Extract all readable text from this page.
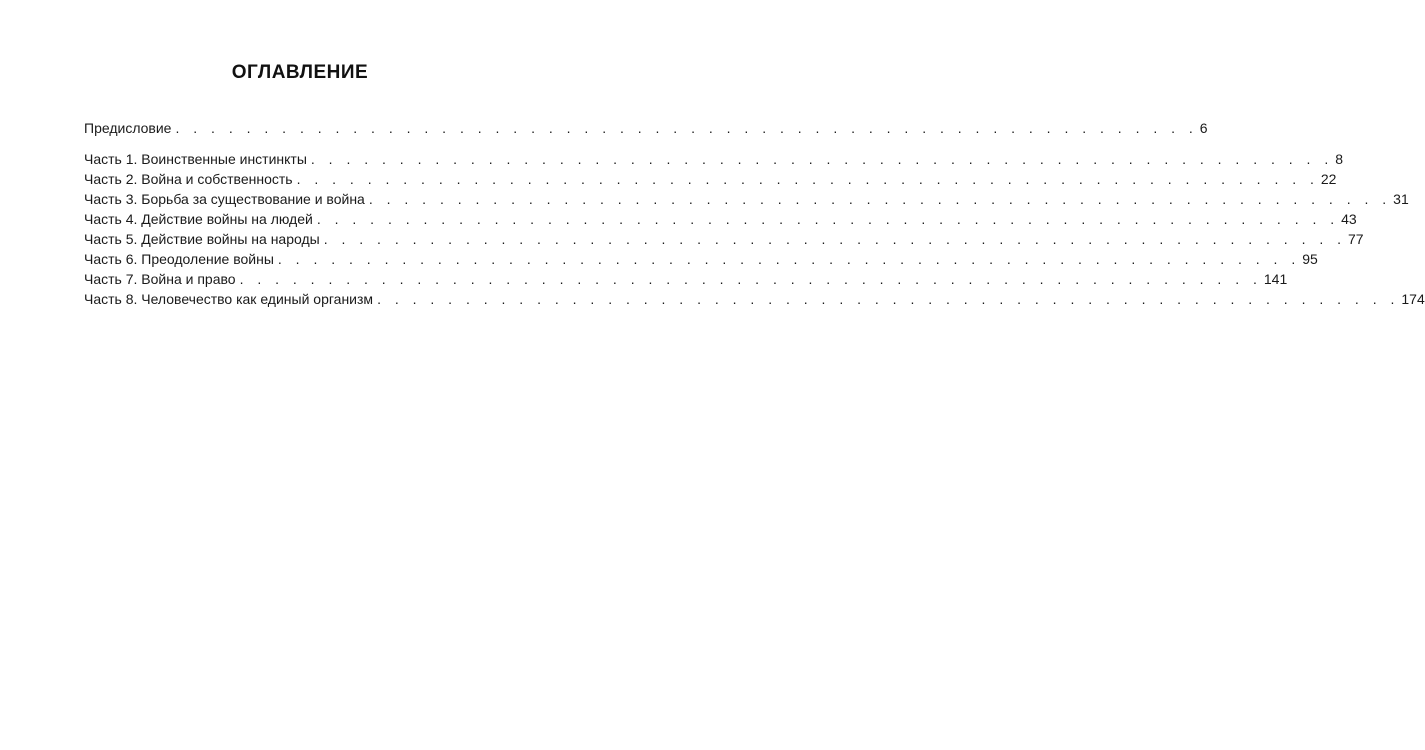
ОГЛАВЛЕНИЕ
Предисловие . . . . . . . . . . . . . . . . . . . . . . . . . . . . . . . . . . . . . . . . . . . . . . . . . . . . . . . . . . 6
Часть 1. Воинственные инстинкты . . . . . . . . . . . . . . . . . . . . . . . . . . . . . . . . . . . . . . . . . . . . . . . . . . . . . . . . . . 8
Часть 2. Война и собственность . . . . . . . . . . . . . . . . . . . . . . . . . . . . . . . . . . . . . . . . . . . . . . . . . . . . . . . . . . 22
Часть 3. Борьба за существование и война . . . . . . . . . . . . . . . . . . . . . . . . . . . . . . . . . . . . . . . . . . . . . . . . . . . . . . . . . . 31
Часть 4. Действие войны на людей . . . . . . . . . . . . . . . . . . . . . . . . . . . . . . . . . . . . . . . . . . . . . . . . . . . . . . . . . . 43
Часть 5. Действие войны на народы . . . . . . . . . . . . . . . . . . . . . . . . . . . . . . . . . . . . . . . . . . . . . . . . . . . . . . . . . . 77
Часть 6. Преодоление войны . . . . . . . . . . . . . . . . . . . . . . . . . . . . . . . . . . . . . . . . . . . . . . . . . . . . . . . . . . 95
Часть 7. Война и право . . . . . . . . . . . . . . . . . . . . . . . . . . . . . . . . . . . . . . . . . . . . . . . . . . . . . . . . . . 141
Часть 8. Человечество как единый организм . . . . . . . . . . . . . . . . . . . . . . . . . . . . . . . . . . . . . . . . . . . . . . . . . . . . . . . . . . 174
